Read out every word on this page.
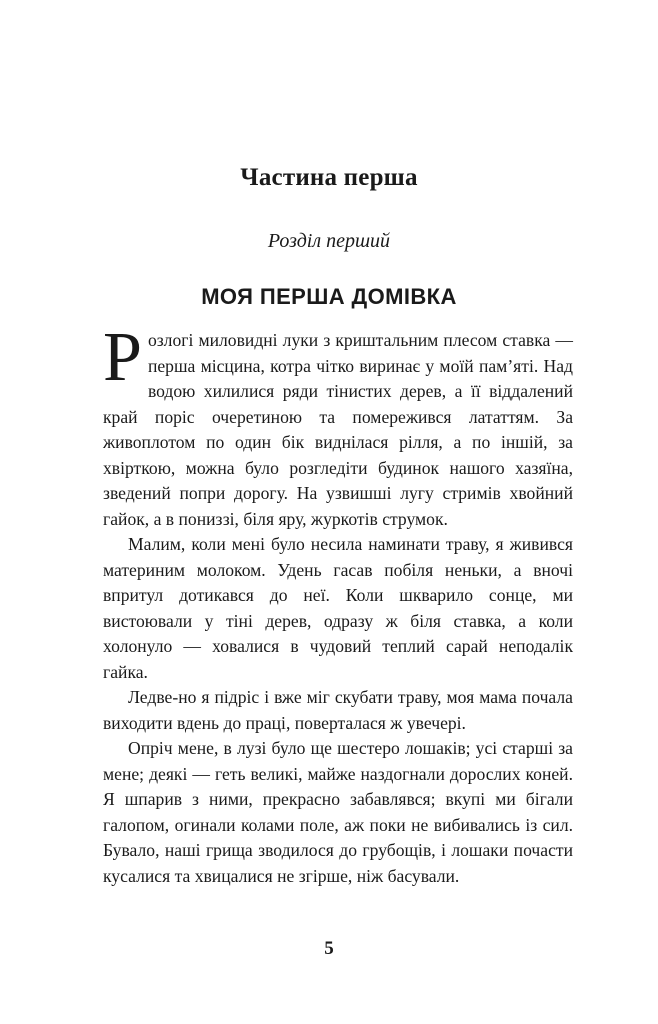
Частина перша
Розділ перший
МОЯ ПЕРША ДОМІВКА

Розлогі миловидні луки з криштальним плесом ставка — перша місцина, котра чітко виринає у моїй пам’яті. Над водою хилилися ряди тінистих дерев, а її віддалений край поріс очеретиною та помережився лататтям. За живоплотом по один бік виднілася рілля, а по іншій, за хвірткою, можна було розгледіти будинок нашого хазяїна, зведений попри дорогу. На узвишші лугу стримів хвойний гайок, а в пониззі, біля яру, журкотів струмок.

Малим, коли мені було несила наминати траву, я живився материним молоком. Удень гасав побіля неньки, а вночі впритул дотикався до неї. Коли шкварило сонце, ми вистоювали у тіні дерев, одразу ж біля ставка, а коли холонуло — ховалися в чудовий теплий сарай неподалік гайка.

Ледве-но я підріс і вже міг скубати траву, моя мама почала виходити вдень до праці, поверталася ж увечері.

Опріч мене, в лузі було ще шестеро лошаків; усі старші за мене; деякі — геть великі, майже наздогнали дорослих коней. Я шпарив з ними, прекрасно забавлявся; вкупі ми бігали галопом, огинали колами поле, аж поки не вибивались із сил. Бувало, наші грища зводилося до грубощів, і лошаки почасти кусалися та хвицалися не згірше, ніж басували.

5
